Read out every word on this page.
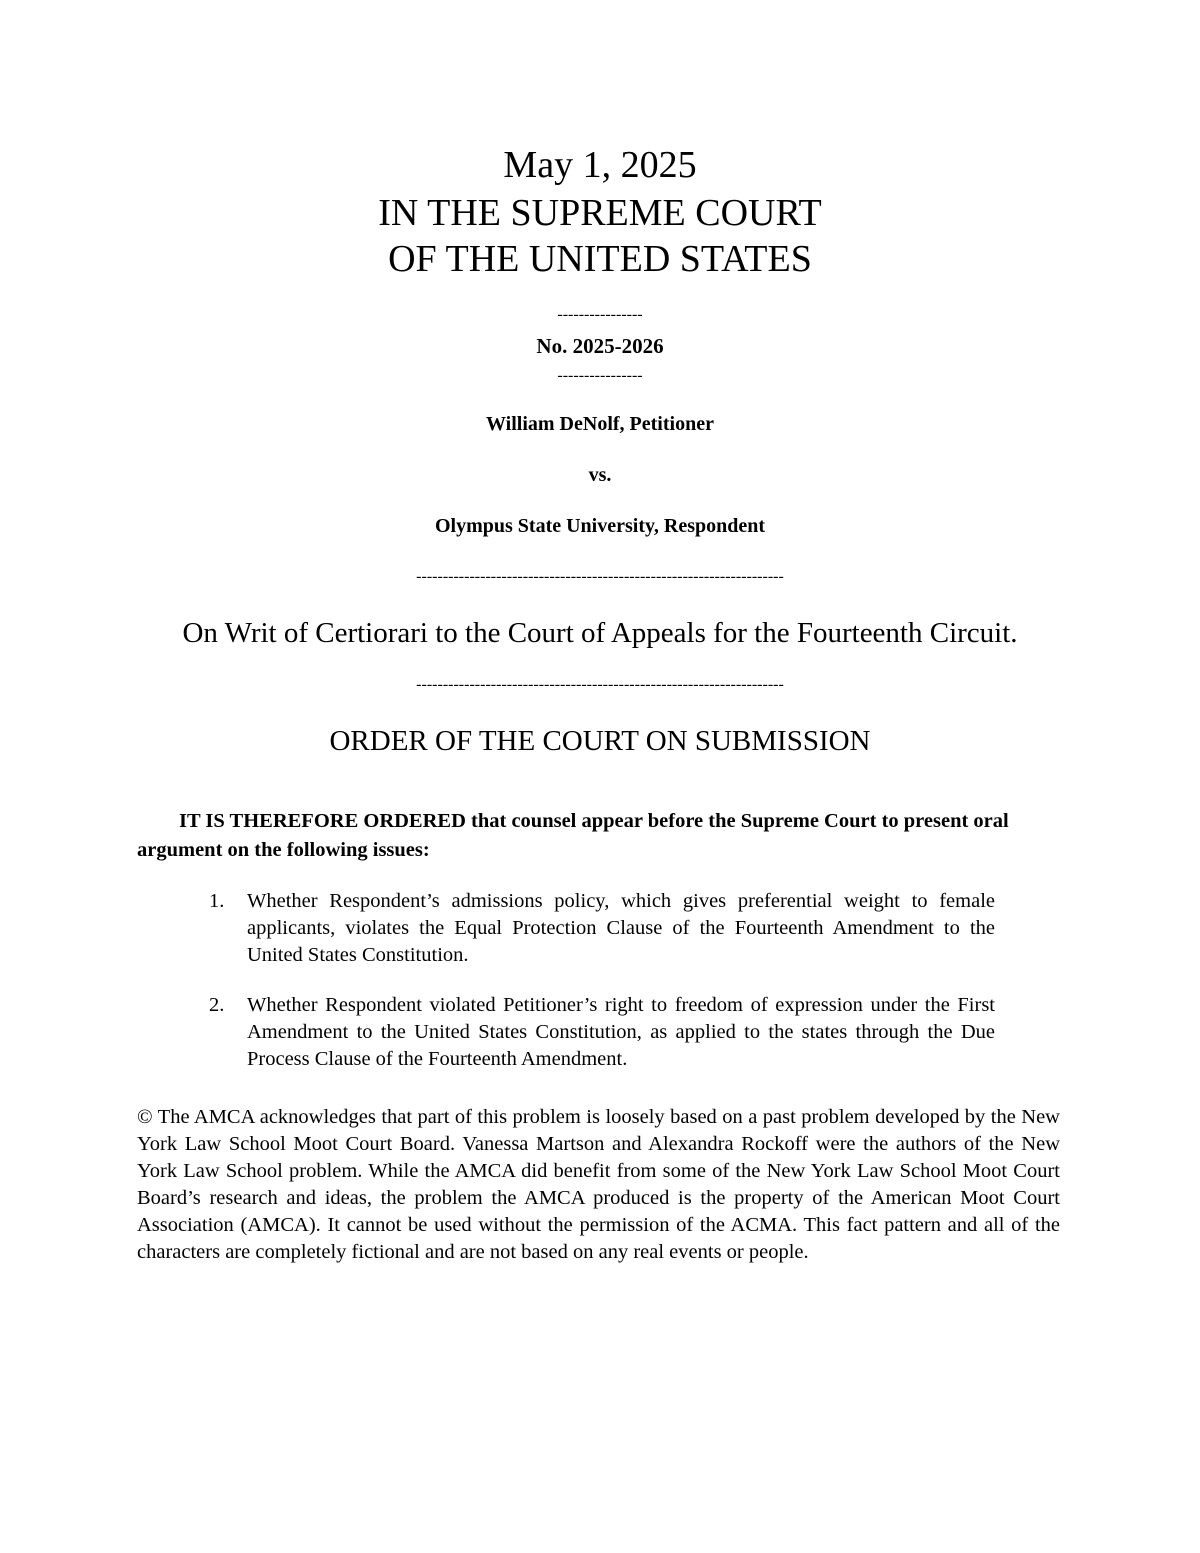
May 1, 2025
IN THE SUPREME COURT
OF THE UNITED STATES
----------------
No. 2025-2026
----------------
William DeNolf, Petitioner
vs.
Olympus State University, Respondent
---------------------------------------------------------------------
On Writ of Certiorari to the Court of Appeals for the Fourteenth Circuit.
---------------------------------------------------------------------
ORDER OF THE COURT ON SUBMISSION
IT IS THEREFORE ORDERED that counsel appear before the Supreme Court to present oral argument on the following issues:
1. Whether Respondent’s admissions policy, which gives preferential weight to female applicants, violates the Equal Protection Clause of the Fourteenth Amendment to the United States Constitution.
2. Whether Respondent violated Petitioner’s right to freedom of expression under the First Amendment to the United States Constitution, as applied to the states through the Due Process Clause of the Fourteenth Amendment.

© The AMCA acknowledges that part of this problem is loosely based on a past problem developed by the New York Law School Moot Court Board. Vanessa Martson and Alexandra Rockoff were the authors of the New York Law School problem. While the AMCA did benefit from some of the New York Law School Moot Court Board’s research and ideas, the problem the AMCA produced is the property of the American Moot Court Association (AMCA). It cannot be used without the permission of the ACMA. This fact pattern and all of the characters are completely fictional and are not based on any real events or people.
